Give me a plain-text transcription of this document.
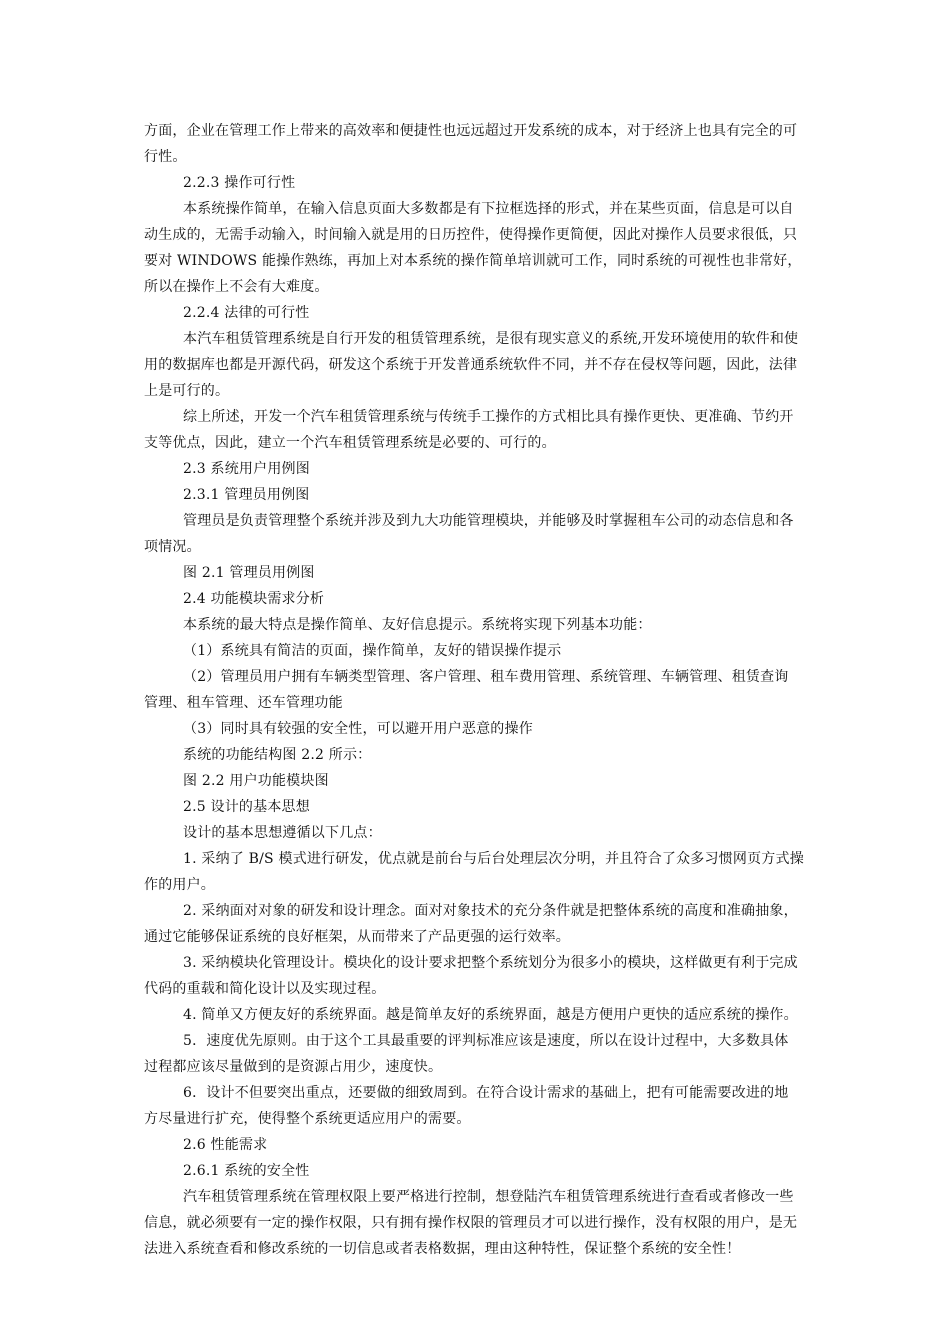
方面，企业在管理工作上带来的高效率和便捷性也远远超过开发系统的成本，对于经济上也具有完全的可
行性。
2.2.3 操作可行性
本系统操作简单，在输入信息页面大多数都是有下拉框选择的形式，并在某些页面，信息是可以自
动生成的，无需手动输入，时间输入就是用的日历控件，使得操作更简便，因此对操作人员要求很低，只
要对 WINDOWS 能操作熟练，再加上对本系统的操作简单培训就可工作，同时系统的可视性也非常好，
所以在操作上不会有大难度。
2.2.4 法律的可行性
本汽车租赁管理系统是自行开发的租赁管理系统，是很有现实意义的系统,开发环境使用的软件和使
用的数据库也都是开源代码，研发这个系统于开发普通系统软件不同，并不存在侵权等问题，因此，法律
上是可行的。
综上所述，开发一个汽车租赁管理系统与传统手工操作的方式相比具有操作更快、更准确、节约开
支等优点，因此，建立一个汽车租赁管理系统是必要的、可行的。
2.3 系统用户用例图
2.3.1 管理员用例图
管理员是负责管理整个系统并涉及到九大功能管理模块，并能够及时掌握租车公司的动态信息和各
项情况。
图 2.1 管理员用例图
2.4 功能模块需求分析
本系统的最大特点是操作简单、友好信息提示。系统将实现下列基本功能：
（1）系统具有简洁的页面，操作简单，友好的错误操作提示
（2）管理员用户拥有车辆类型管理、客户管理、租车费用管理、系统管理、车辆管理、租赁查询
管理、租车管理、还车管理功能
（3）同时具有较强的安全性，可以避开用户恶意的操作
系统的功能结构图 2.2 所示：
图 2.2 用户功能模块图
2.5 设计的基本思想
设计的基本思想遵循以下几点：
1. 采纳了 B/S 模式进行研发，优点就是前台与后台处理层次分明，并且符合了众多习惯网页方式操
作的用户。
2. 采纳面对对象的研发和设计理念。面对对象技术的充分条件就是把整体系统的高度和准确抽象，
通过它能够保证系统的良好框架，从而带来了产品更强的运行效率。
3. 采纳模块化管理设计。模块化的设计要求把整个系统划分为很多小的模块，这样做更有利于完成
代码的重载和简化设计以及实现过程。
4. 简单又方便友好的系统界面。越是简单友好的系统界面，越是方便用户更快的适应系统的操作。
5．速度优先原则。由于这个工具最重要的评判标准应该是速度，所以在设计过程中，大多数具体
过程都应该尽量做到的是资源占用少，速度快。
6．设计不但要突出重点，还要做的细致周到。在符合设计需求的基础上，把有可能需要改进的地
方尽量进行扩充，使得整个系统更适应用户的需要。
2.6 性能需求
2.6.1 系统的安全性
汽车租赁管理系统在管理权限上要严格进行控制，想登陆汽车租赁管理系统进行查看或者修改一些
信息，就必须要有一定的操作权限，只有拥有操作权限的管理员才可以进行操作，没有权限的用户，是无
法进入系统查看和修改系统的一切信息或者表格数据，理由这种特性，保证整个系统的安全性！
